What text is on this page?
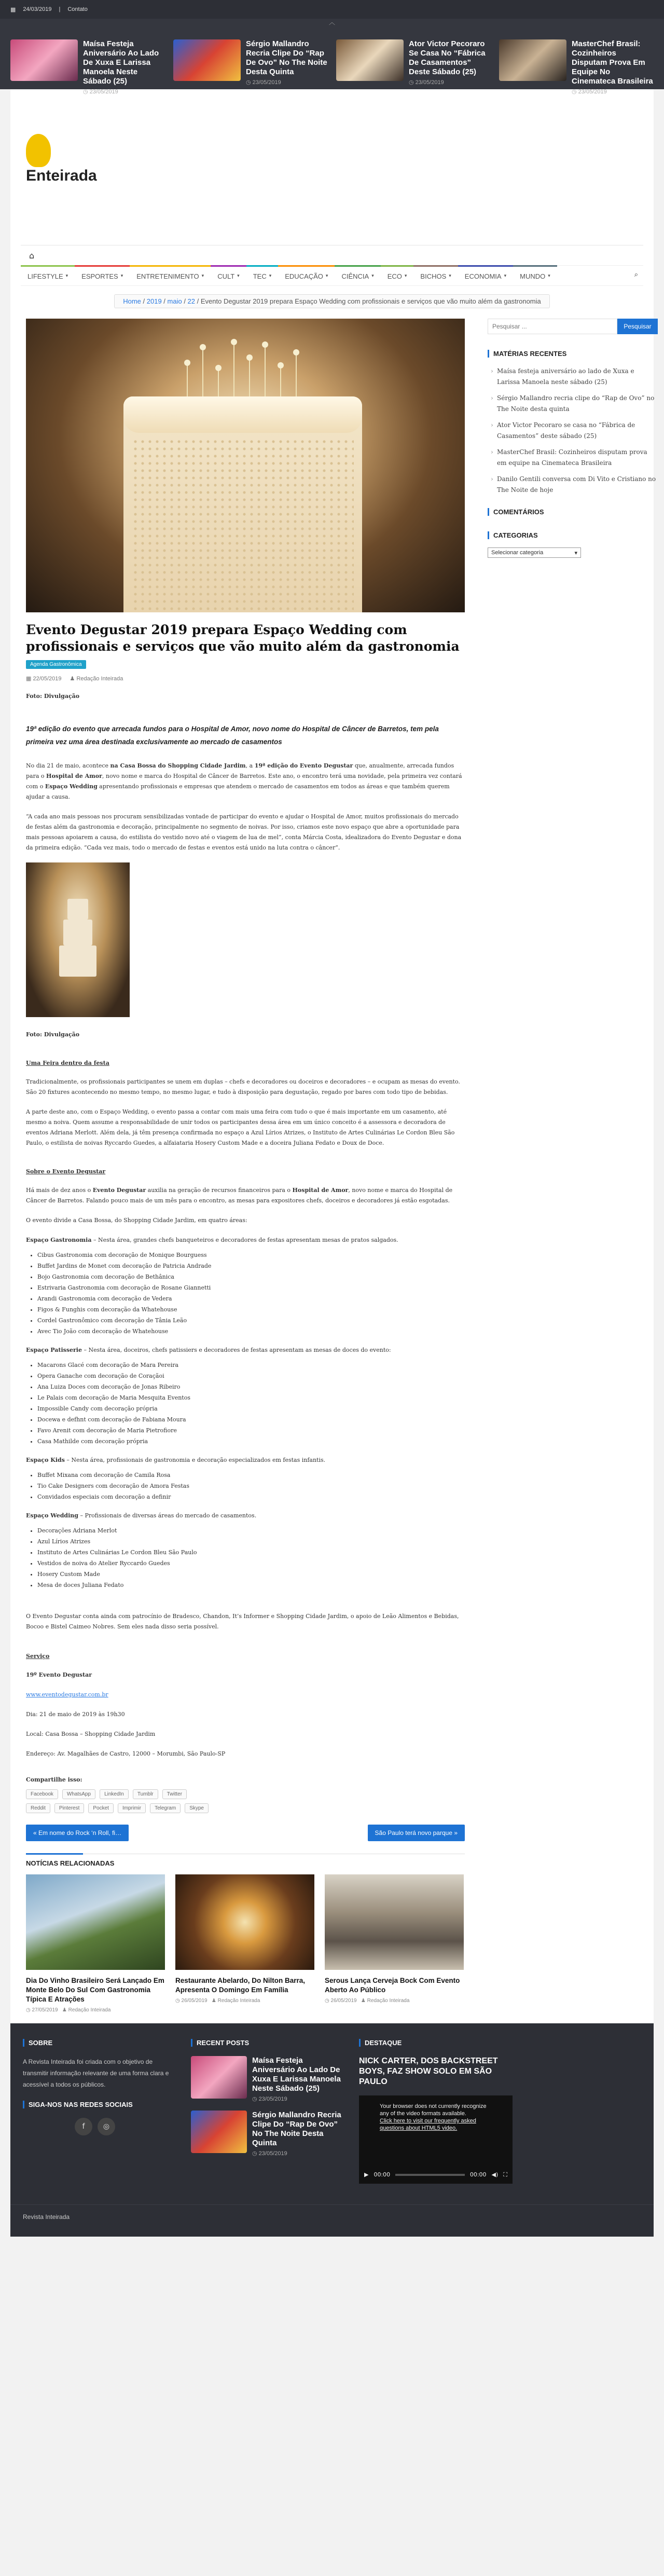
▦ 24/03/2019 | Contato
︿
Maísa Festeja Aniversário Ao Lado De Xuxa E Larissa Manoela Neste Sábado (25)
◷ 23/05/2019
Sérgio Mallandro Recria Clipe Do “Rap De Ovo” No The Noite Desta Quinta
◷ 23/05/2019
Ator Victor Pecoraro Se Casa No “Fábrica De Casamentos” Deste Sábado (25)
◷ 23/05/2019
MasterChef Brasil: Cozinheiros Disputam Prova Em Equipe No Cinemateca Brasileira
◷ 23/05/2019
Enteirada
⌂
LIFESTYLE ▾ ESPORTES ▾ ENTRETENIMENTO ▾ CULT ▾ TEC ▾ EDUCAÇÃO ▾ CIÊNCIA ▾ ECO ▾ BICHOS ▾ ECONOMIA ▾ MUNDO ▾	⌕
Home / 2019 / maio / 22 / Evento Degustar 2019 prepara Espaço Wedding com profissionais e serviços que vão muito além da gastronomia
Evento Degustar 2019 prepara Espaço Wedding com profissionais e serviços que vão muito além da gastronomia
Agenda Gastronômica
▦ 22/05/2019 ♟ Redação Inteirada

Foto: Divulgação

19ª edição do evento que arrecada fundos para o Hospital de Amor, novo nome do Hospital de Câncer de Barretos, tem pela primeira vez uma área destinada exclusivamente ao mercado de casamentos

No dia 21 de maio, acontece na Casa Bossa do Shopping Cidade Jardim, a 19ª edição do Evento Degustar que, anualmente, arrecada fundos para o Hospital de Amor, novo nome e marca do Hospital de Câncer de Barretos. Este ano, o encontro terá uma novidade, pela primeira vez contará com o Espaço Wedding apresentando profissionais e empresas que atendem o mercado de casamentos em todos as áreas e que também querem ajudar a causa.

“A cada ano mais pessoas nos procuram sensibilizadas vontade de participar do evento e ajudar o Hospital de Amor, muitos profissionais do mercado de festas além da gastronomia e decoração, principalmente no segmento de noivas. Por isso, criamos este novo espaço que abre a oportunidade para mais pessoas apoiarem a causa, do estilista do vestido novo até o viagem de lua de mel”, conta Márcia Costa, idealizadora do Evento Degustar e dona da primeira edição. “Cada vez mais, todo o mercado de festas e eventos está unido na luta contra o câncer”.

Foto: Divulgação

Uma Feira dentro da festa

Tradicionalmente, os profissionais participantes se unem em duplas – chefs e decoradores ou doceiros e decoradores – e ocupam as mesas do evento. São 20 fixtures acontecendo no mesmo tempo, no mesmo lugar, e tudo à disposição para degustação, regado por bares com todo tipo de bebidas.

A parte deste ano, com o Espaço Wedding, o evento passa a contar com mais uma feira com tudo o que é mais importante em um casamento, até mesmo a noiva. Quem assume a responsabilidade de unir todos os participantes dessa área em um único conceito é a assessora e decoradora de eventos Adriana Merlott. Além dela, já têm presença confirmada no espaço a Azul Lírios Atrizes, o Instituto de Artes Culinárias Le Cordon Bleu São Paulo, o estilista de noivas Ryccardo Guedes, a alfaiataria Hosery Custom Made e a doceira Juliana Fedato e Doux de Doce.

Sobre o Evento Degustar

Há mais de dez anos o Evento Degustar auxilia na geração de recursos financeiros para o Hospital de Amor, novo nome e marca do Hospital de Câncer de Barretos. Falando pouco mais de um mês para o encontro, as mesas para expositores chefs, doceiros e decoradores já estão esgotadas.

O evento divide a Casa Bossa, do Shopping Cidade Jardim, em quatro áreas:

Espaço Gastronomia – Nesta área, grandes chefs banqueteiros e decoradores de festas apresentam mesas de pratos salgados.

• Cibus Gastronomia com decoração de Monique Bourguess
• Buffet Jardins de Monet com decoração de Patricia Andrade
• Bojo Gastronomia com decoração de Bethânica
• Estrivaria Gastronomia com decoração de Rosane Giannetti
• Arandi Gastronomia com decoração de Vedera
• Figos & Funghis com decoração da Whatehouse
• Cordel Gastronômico com decoração de Tânia Leão
• Avec Tio João com decoração de Whatehouse

Espaço Patisserie – Nesta área, doceiros, chefs patissiers e decoradores de festas apresentam as mesas de doces do evento:

• Macarons Glacé com decoração de Mara Pereira
• Opera Ganache com decoração de Coraçãoi
• Ana Luiza Doces com decoração de Jonas Ribeiro
• Le Palais com decoração de Maria Mesquita Eventos
• Impossible Candy com decoração própria
• Docewa e defhnt com decoração de Fabiana Moura
• Favo Arenit com decoração de Maria Pietrofiore
• Casa Mathilde com decoração própria

Espaço Kids – Nesta área, profissionais de gastronomia e decoração especializados em festas infantis.

• Buffet Mixana com decoração de Camila Rosa
• Tio Cake Designers com decoração de Amora Festas
• Convidados especiais com decoração a definir

Espaço Wedding – Profissionais de diversas áreas do mercado de casamentos.

• Decorações Adriana Merlot
• Azul Lírios Atrizes
• Instituto de Artes Culinárias Le Cordon Bleu São Paulo
• Vestidos de noiva do Atelier Ryccardo Guedes
• Hosery Custom Made
• Mesa de doces Juliana Fedato

O Evento Degustar conta ainda com patrocínio de Bradesco, Chandon, It’s Informer e Shopping Cidade Jardim, o apoio de Leão Alimentos e Bebidas, Bocoo e Bistel Caimeo Nobres. Sem eles nada disso seria possível.

Serviço

19º Evento Degustar

www.eventodegustar.com.br

Dia: 21 de maio de 2019 às 19h30

Local: Casa Bossa – Shopping Cidade Jardim

Endereço: Av. Magalhães de Castro, 12000 – Morumbi, São Paulo-SP

Compartilhe isso:

Facebook	WhatsApp	LinkedIn	Tumblr	Twitter
Reddit	Pinterest	Pocket	Imprimir	Telegram	Skype
« Em nome do Rock ‘n Roll, fi…	São Paulo terá novo parque »
NOTÍCIAS RELACIONADAS
Dia Do Vinho Brasileiro Será Lançado Em Monte Belo Do Sul Com Gastronomia Típica E Atrações
◷ 27/05/2019   ♟ Redação Inteirada
Restaurante Abelardo, Do Nilton Barra, Apresenta O Domingo Em Família
◷ 26/05/2019   ♟ Redação Inteirada
Serous Lança Cerveja Bock Com Evento Aberto Ao Público
◷ 26/05/2019   ♟ Redação Inteirada
Pesquisar ...
Pesquisar
MATÉRIAS RECENTES
› Maísa festeja aniversário ao lado de Xuxa e Larissa Manoela neste sábado (25)
› Sérgio Mallandro recria clipe do “Rap de Ovo” no The Noite desta quinta
› Ator Victor Pecoraro se casa no “Fábrica de Casamentos” deste sábado (25)
› MasterChef Brasil: Cozinheiros disputam prova em equipe na Cinemateca Brasileira
› Danilo Gentili conversa com Di Vito e Cristiano no The Noite de hoje
COMENTÁRIOS
CATEGORIAS
Selecionar categoria	▾
SOBRE

A Revista Inteirada foi criada com o objetivo de transmitir informação relevante de uma forma clara e acessível a todos os públicos.

SIGA-NOS NAS REDES SOCIAIS
f	◎
RECENT POSTS
Maísa Festeja Aniversário Ao Lado De Xuxa E Larissa Manoela Neste Sábado (25)
◷ 23/05/2019
Sérgio Mallandro Recria Clipe Do “Rap De Ovo” No The Noite Desta Quinta
◷ 23/05/2019
DESTAQUE
NICK CARTER, DOS BACKSTREET BOYS, FAZ SHOW SOLO EM SÃO PAULO
Your browser does not currently recognize any of the video formats available.
Click here to visit our frequently asked questions about HTML5 video.
▶ 00:00	00:00 ◀) ⛶
Revista Inteirada
